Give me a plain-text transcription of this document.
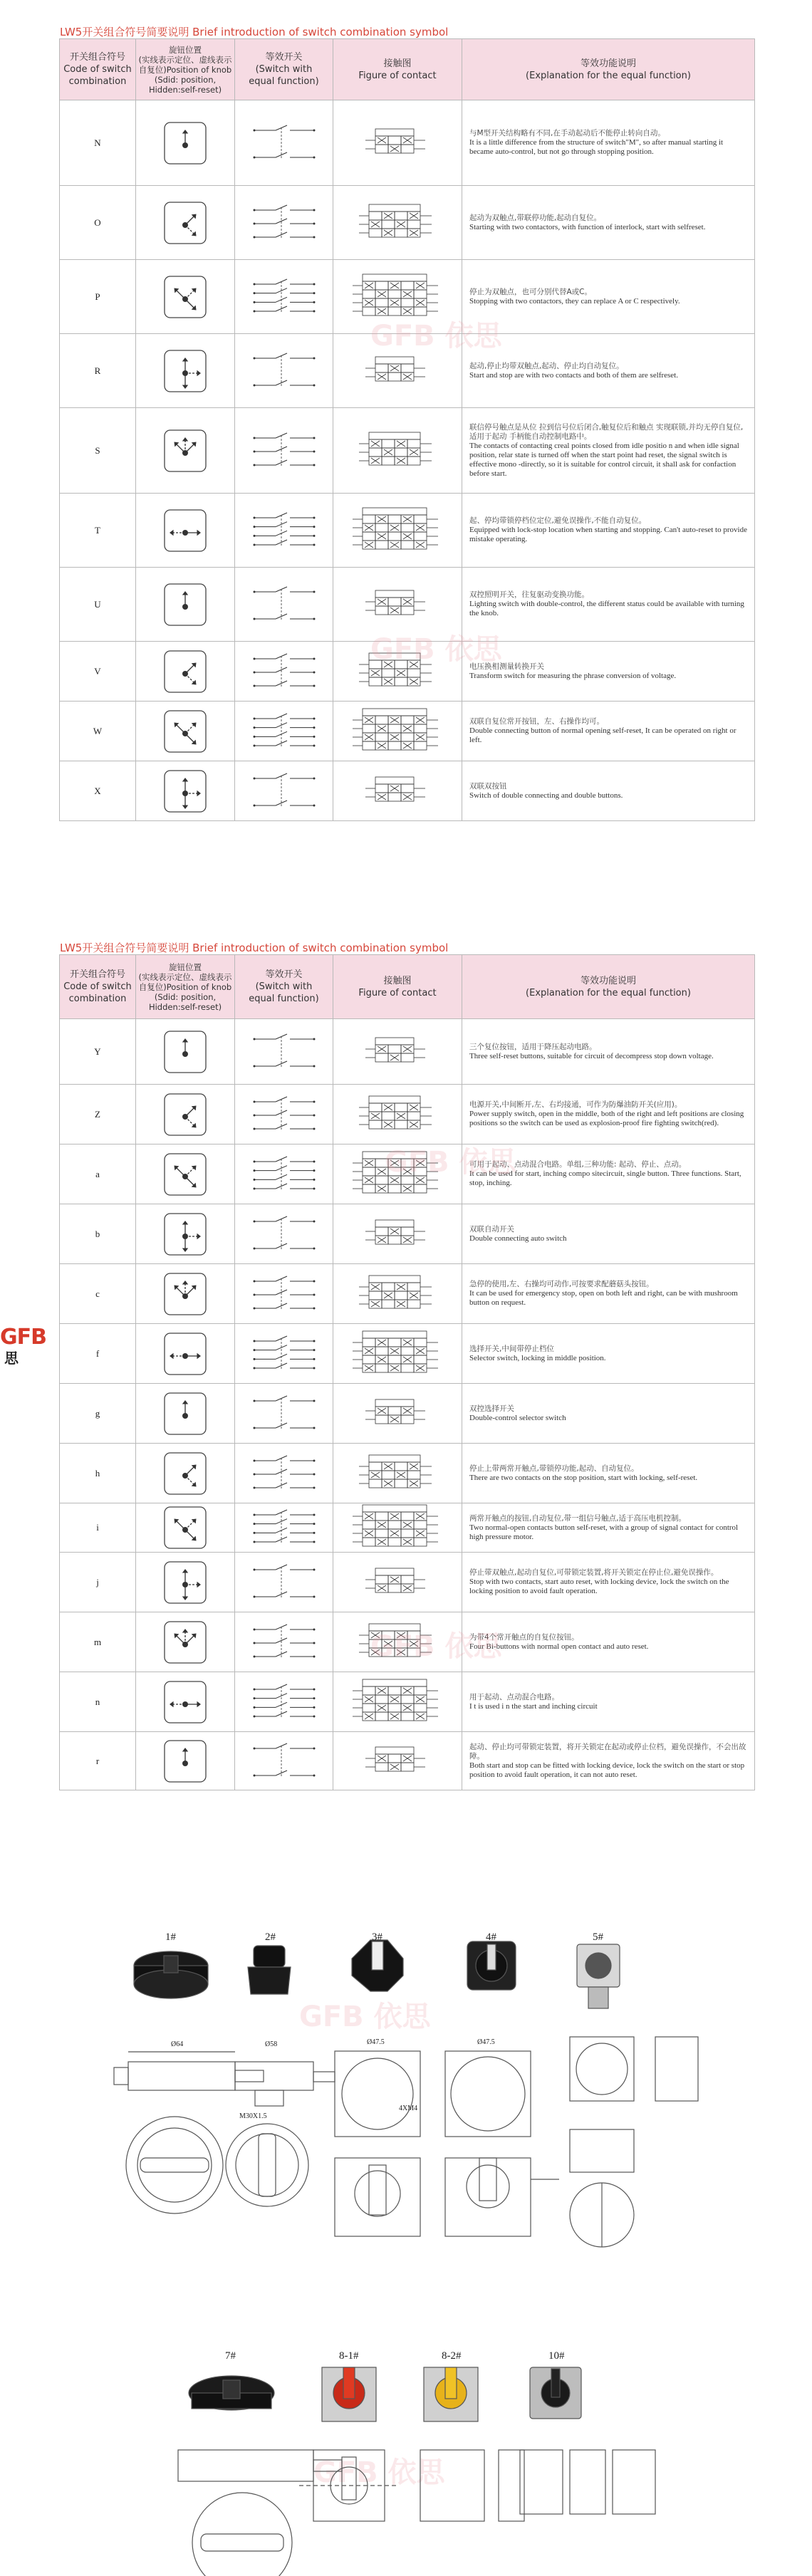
LW5开关组合符号简要说明 Brief introduction of switch combination symbol
开关组合符号
Code of switch
combination	旋钮位置
(实线表示定位、虚线表示
自复位)Position of knob
(Sdid: position,
Hidden:self-reset)	等效开关
(Switch with
equal function)	接触图
Figure of contact	等效功能说明
(Explanation for the equal function)
N				与M型开关结构略有不同,在手动起动后不能停止转向自动。
It is a little difference from the structure of switch"M", so after manual starting it became auto-control, but not go through stopping position.

O				起动为双触点,带联停功能,起动自复位。
Starting with two contactors, with function of interlock, start with selfreset.

P				停止为双触点，也可分别代替A或C。
Stopping with two contactors, they can replace A or C respectively.

R				起动,停止均带双触点,起动、停止均自动复位。
Start and stop are with two contacts and both of them are selfreset.

S				联信停号触点是从位 拉到信号位后闭合,触复位后和触点 实现联锁,并均无停自复位,适用于起动 手柄能自动控制电路中。
The contacts of contacting creal points closed from idle positio n and when idle signal position, relar state is turned off when the start point had reset, the signal switch is effective mono -directly, so it is suitable for control circuit, it shall ask for confaction before start.

T				起、停均带锁停档位定位,避免误操作,不能自动复位。
Equipped with lock-stop location when starting and stopping. Can't auto-reset to provide mistake operating.

U				双控照明开关，往复驱动变换功能。
Lighting switch with double-control, the different status could be available with turning the knob.

V				电压换相测量转换开关
Transform switch for measuring the phrase conversion of voltage.

W				双联自复位常开按钮，左、右操作均可。
Double connecting button of normal opening self-reset, It can be operated on right or left.

X				双联双按钮
Switch of double connecting and double buttons.
LW5开关组合符号简要说明 Brief introduction of switch combination symbol
开关组合符号
Code of switch
combination	旋钮位置
(实线表示定位、虚线表示
自复位)Position of knob
(Sdid: position,
Hidden:self-reset)	等效开关
(Switch with
equal function)	接触图
Figure of contact	等效功能说明
(Explanation for the equal function)
Y				三个复位按钮，适用于降压起动电路。
Three self-reset buttons, suitable for circuit of decompress stop down voltage.

Z				电源开关,中间断开,左、右均接通，可作为防爆油防开关(应用)。
Power supply switch, open in the middle, both of the right and left positions are closing positions so the switch can be used as explosion-proof fire fighting switch(red).

a				可用于起动、点动混合电路。单组,三种功能: 起动、停止、点动。
It can be used for start, inching compo sitecircuit, single button. Three functions. Start, stop, inching.

b				双联自动开关
Double connecting auto switch

c				急停的使用,左、右操均可动作,可按要求配蘑菇头按钮。
It can be used for emergency stop, open on both left and right, can be with mushroom button on request.

f				选择开关,中间带停止档位
Selector switch, locking in middle position.

g				双控选择开关
Double-control selector switch

h				停止上带两常开触点,带锁停功能,起动、自动复位。
There are two contacts on the stop position, start with locking, self-reset.

i				两常开触点的按钮,自动复位,带一组信号触点,适于高压电机控制。
Two normal-open contacts button self-reset, with a group of signal contact for control high pressure motor.

j				停止带双触点,起动自复位,可带锁定装置,将开关锁定在停止位,避免误操作。
Stop with two contacts, start auto reset, with locking device, lock the switch on the locking position to avoid fault operation.

m				为带4个常开触点的自复位按钮。
Four Bi-buttons with normal open contact and auto reset.

n				用于起动、点动混合电路。
I t is used i n the start and inching circuit

r				起动、停止均可带锁定装置，将开关锁定在起动或停止位档，避免误操作，不会出故障。
Both start and stop can be fitted with locking device, lock the switch on the start or stop position to avoid fault operation, it can not auto reset.
GFB
思
GFB 依思
GFB 依思
GFB 依思
GFB 依思
GFB 依思
GFB 依思
1#	2#	3#	4#	5#
7#	8-1#	8-2#	10#
Ø64	Ø58	Ø47.5	Ø47.5
M30X1.5
4XM4
